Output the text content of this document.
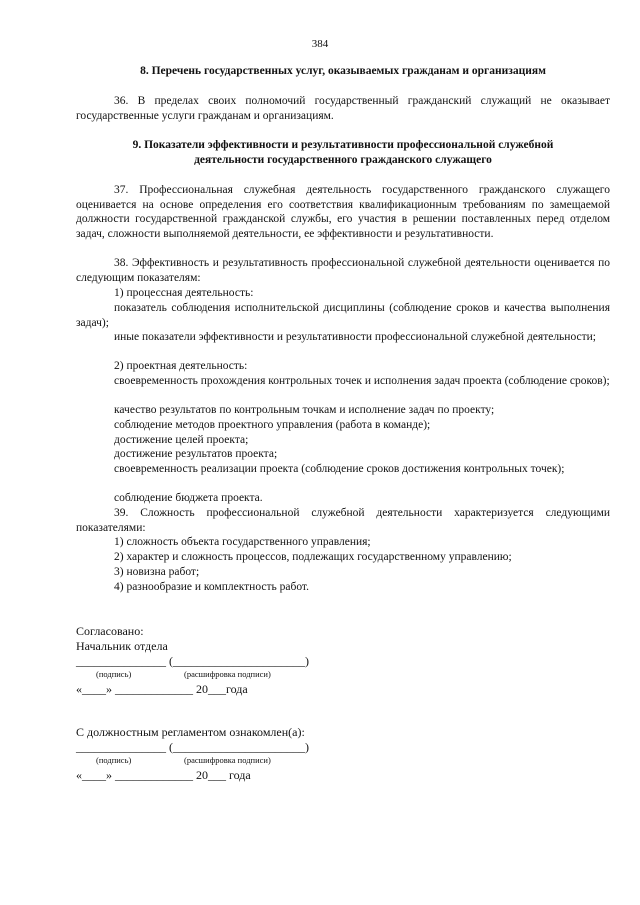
384
8. Перечень государственных услуг, оказываемых гражданам и организациям

36. В пределах своих полномочий государственный гражданский служащий не оказывает государственные услуги гражданам и организациям.

9. Показатели эффективности и результативности профессиональной служебной
деятельности государственного гражданского служащего

37. Профессиональная служебная деятельность государственного гражданского служащего оценивается на основе определения его соответствия квалификационным требованиям по замещаемой должности государственной гражданской службы, его участия в решении поставленных перед отделом задач, сложности выполняемой деятельности, ее эффективности и результативности.

38. Эффективность и результативность профессиональной служебной деятельности оценивается по следующим показателям:

1) процессная деятельность:

показатель соблюдения исполнительской дисциплины (соблюдение сроков и качества выполнения задач);

иные показатели эффективности и результативности профессиональной служебной деятельности;

2) проектная деятельность:

своевременность прохождения контрольных точек и исполнения задач проекта (соблюдение сроков);

качество результатов по контрольным точкам и исполнение задач по проекту;
соблюдение методов проектного управления (работа в команде);
достижение целей проекта;
достижение результатов проекта;

своевременность реализации проекта (соблюдение сроков достижения контрольных точек);

соблюдение бюджета проекта.

39. Сложность профессиональной служебной деятельности характеризуется следующими показателями:

1) сложность объекта государственного управления;
2) характер и сложность процессов, подлежащих государственному управлению;
3) новизна работ;
4) разнообразие и комплектность работ.
Согласовано:
Начальник отдела
_______________ (______________________)
(подпись)	(расшифровка подписи)
«____» _____________ 20___года
С должностным регламентом ознакомлен(а):
_______________ (______________________)
(подпись)	(расшифровка подписи)
«____» _____________ 20___ года
